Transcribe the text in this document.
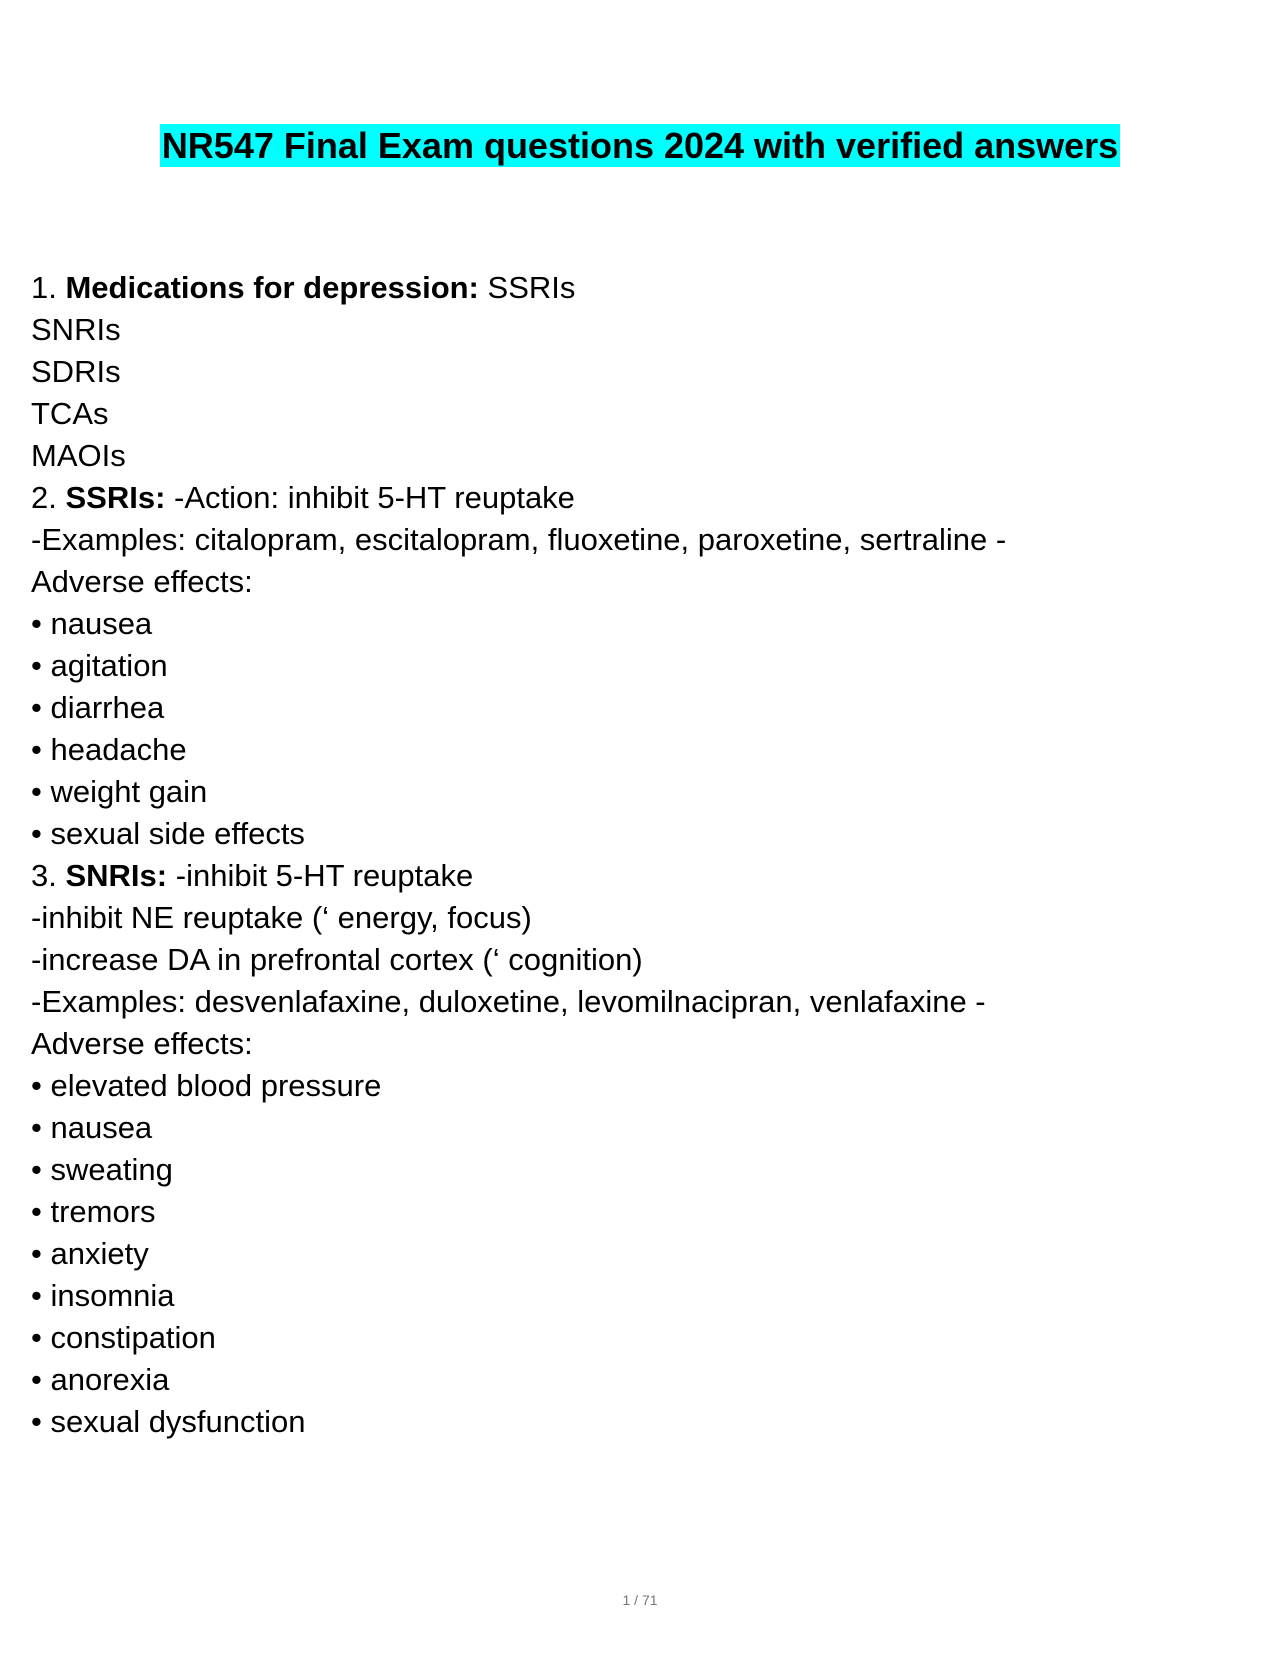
NR547 Final Exam questions 2024 with verified answers
1. Medications for depression: SSRIs
SNRIs
SDRIs
TCAs
MAOIs
2. SSRIs: -Action: inhibit 5-HT reuptake
-Examples: citalopram, escitalopram, fluoxetine, paroxetine, sertraline -
Adverse effects:
• nausea
• agitation
• diarrhea
• headache
• weight gain
• sexual side effects
3. SNRIs: -inhibit 5-HT reuptake
-inhibit NE reuptake (‘ energy, focus)
-increase DA in prefrontal cortex (‘ cognition)
-Examples: desvenlafaxine, duloxetine, levomilnacipran, venlafaxine -
Adverse effects:
• elevated blood pressure
• nausea
• sweating
• tremors
• anxiety
• insomnia
• constipation
• anorexia
• sexual dysfunction
1 / 71
